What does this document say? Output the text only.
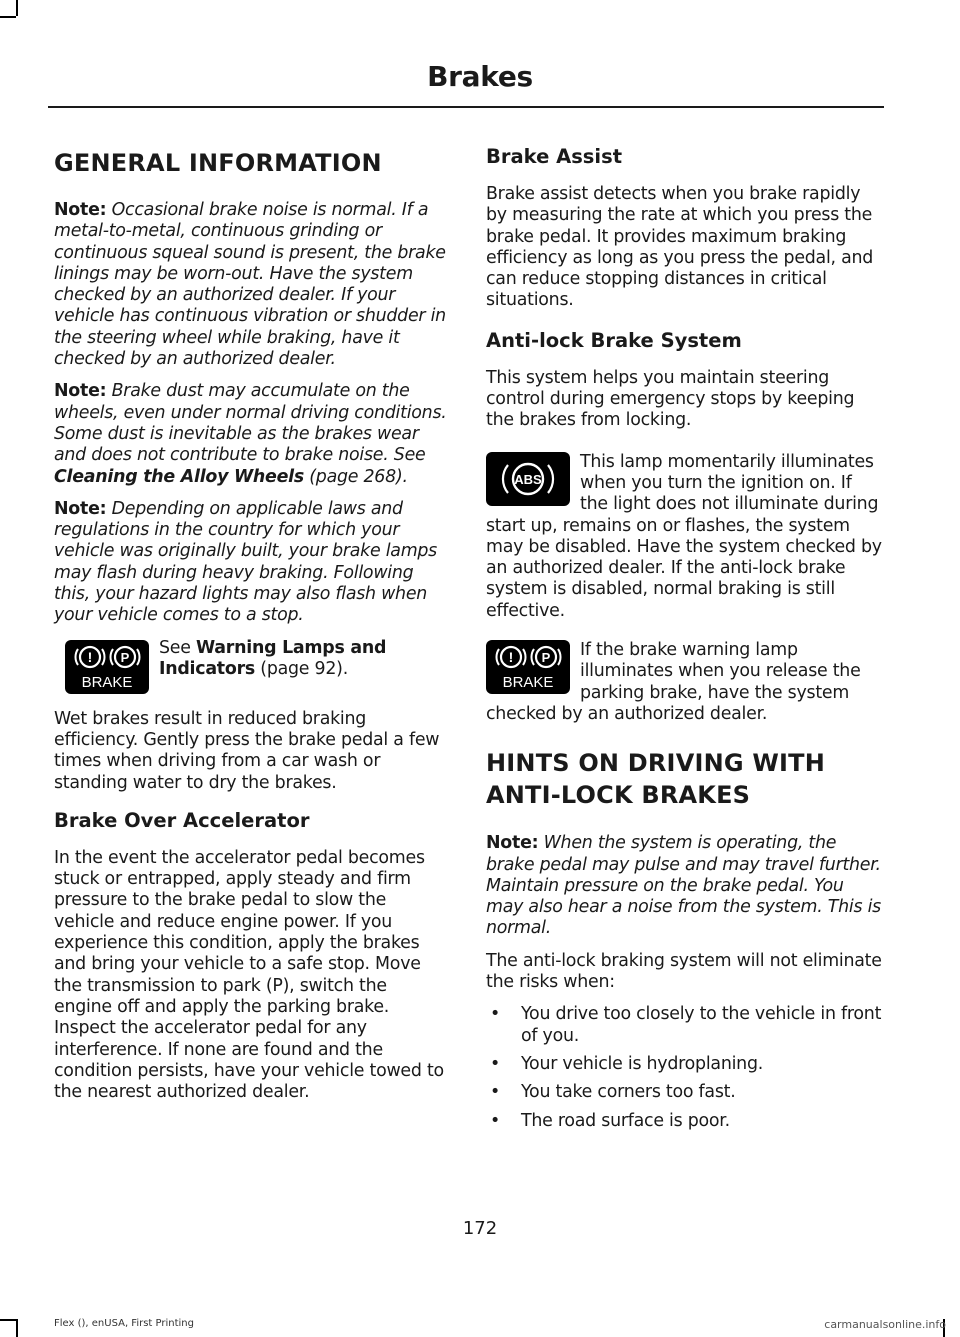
Brakes
GENERAL INFORMATION

Note: Occasional brake noise is normal. If a metal-to-metal, continuous grinding or continuous squeal sound is present, the brake linings may be worn-out. Have the system checked by an authorized dealer. If your vehicle has continuous vibration or shudder in the steering wheel while braking, have it checked by an authorized dealer.

Note: Brake dust may accumulate on the wheels, even under normal driving conditions. Some dust is inevitable as the brakes wear and does not contribute to brake noise. See Cleaning the Alloy Wheels (page 268).

Note: Depending on applicable laws and regulations in the country for which your vehicle was originally built, your brake lamps may flash during heavy braking. Following this, your hazard lights may also flash when your vehicle comes to a stop.

! P
BRAKE

See Warning Lamps and Indicators (page 92).

Wet brakes result in reduced braking efficiency. Gently press the brake pedal a few times when driving from a car wash or standing water to dry the brakes.

Brake Over Accelerator

In the event the accelerator pedal becomes stuck or entrapped, apply steady and firm pressure to the brake pedal to slow the vehicle and reduce engine power. If you experience this condition, apply the brakes and bring your vehicle to a safe stop. Move the transmission to park (P), switch the engine off and apply the parking brake. Inspect the accelerator pedal for any interference. If none are found and the condition persists, have your vehicle towed to the nearest authorized dealer.

Brake Assist

Brake assist detects when you brake rapidly by measuring the rate at which you press the brake pedal. It provides maximum braking efficiency as long as you press the pedal, and can reduce stopping distances in critical situations.

Anti-lock Brake System

This system helps you maintain steering control during emergency stops by keeping the brakes from locking.

ABS

This lamp momentarily illuminates when you turn the ignition on. If the light does not illuminate during start up, remains on or flashes, the system may be disabled. Have the system checked by an authorized dealer. If the anti-lock brake system is disabled, normal braking is still effective.

! P
BRAKE

If the brake warning lamp illuminates when you release the parking brake, have the system checked by an authorized dealer.

HINTS ON DRIVING WITH
ANTI-LOCK BRAKES

Note: When the system is operating, the brake pedal may pulse and may travel further. Maintain pressure on the brake pedal. You may also hear a noise from the system. This is normal.

The anti-lock braking system will not eliminate the risks when:

• You drive too closely to the vehicle in front of you.
• Your vehicle is hydroplaning.
• You take corners too fast.
• The road surface is poor.
172
Flex (), enUSA, First Printing	carmanualsonline.info
